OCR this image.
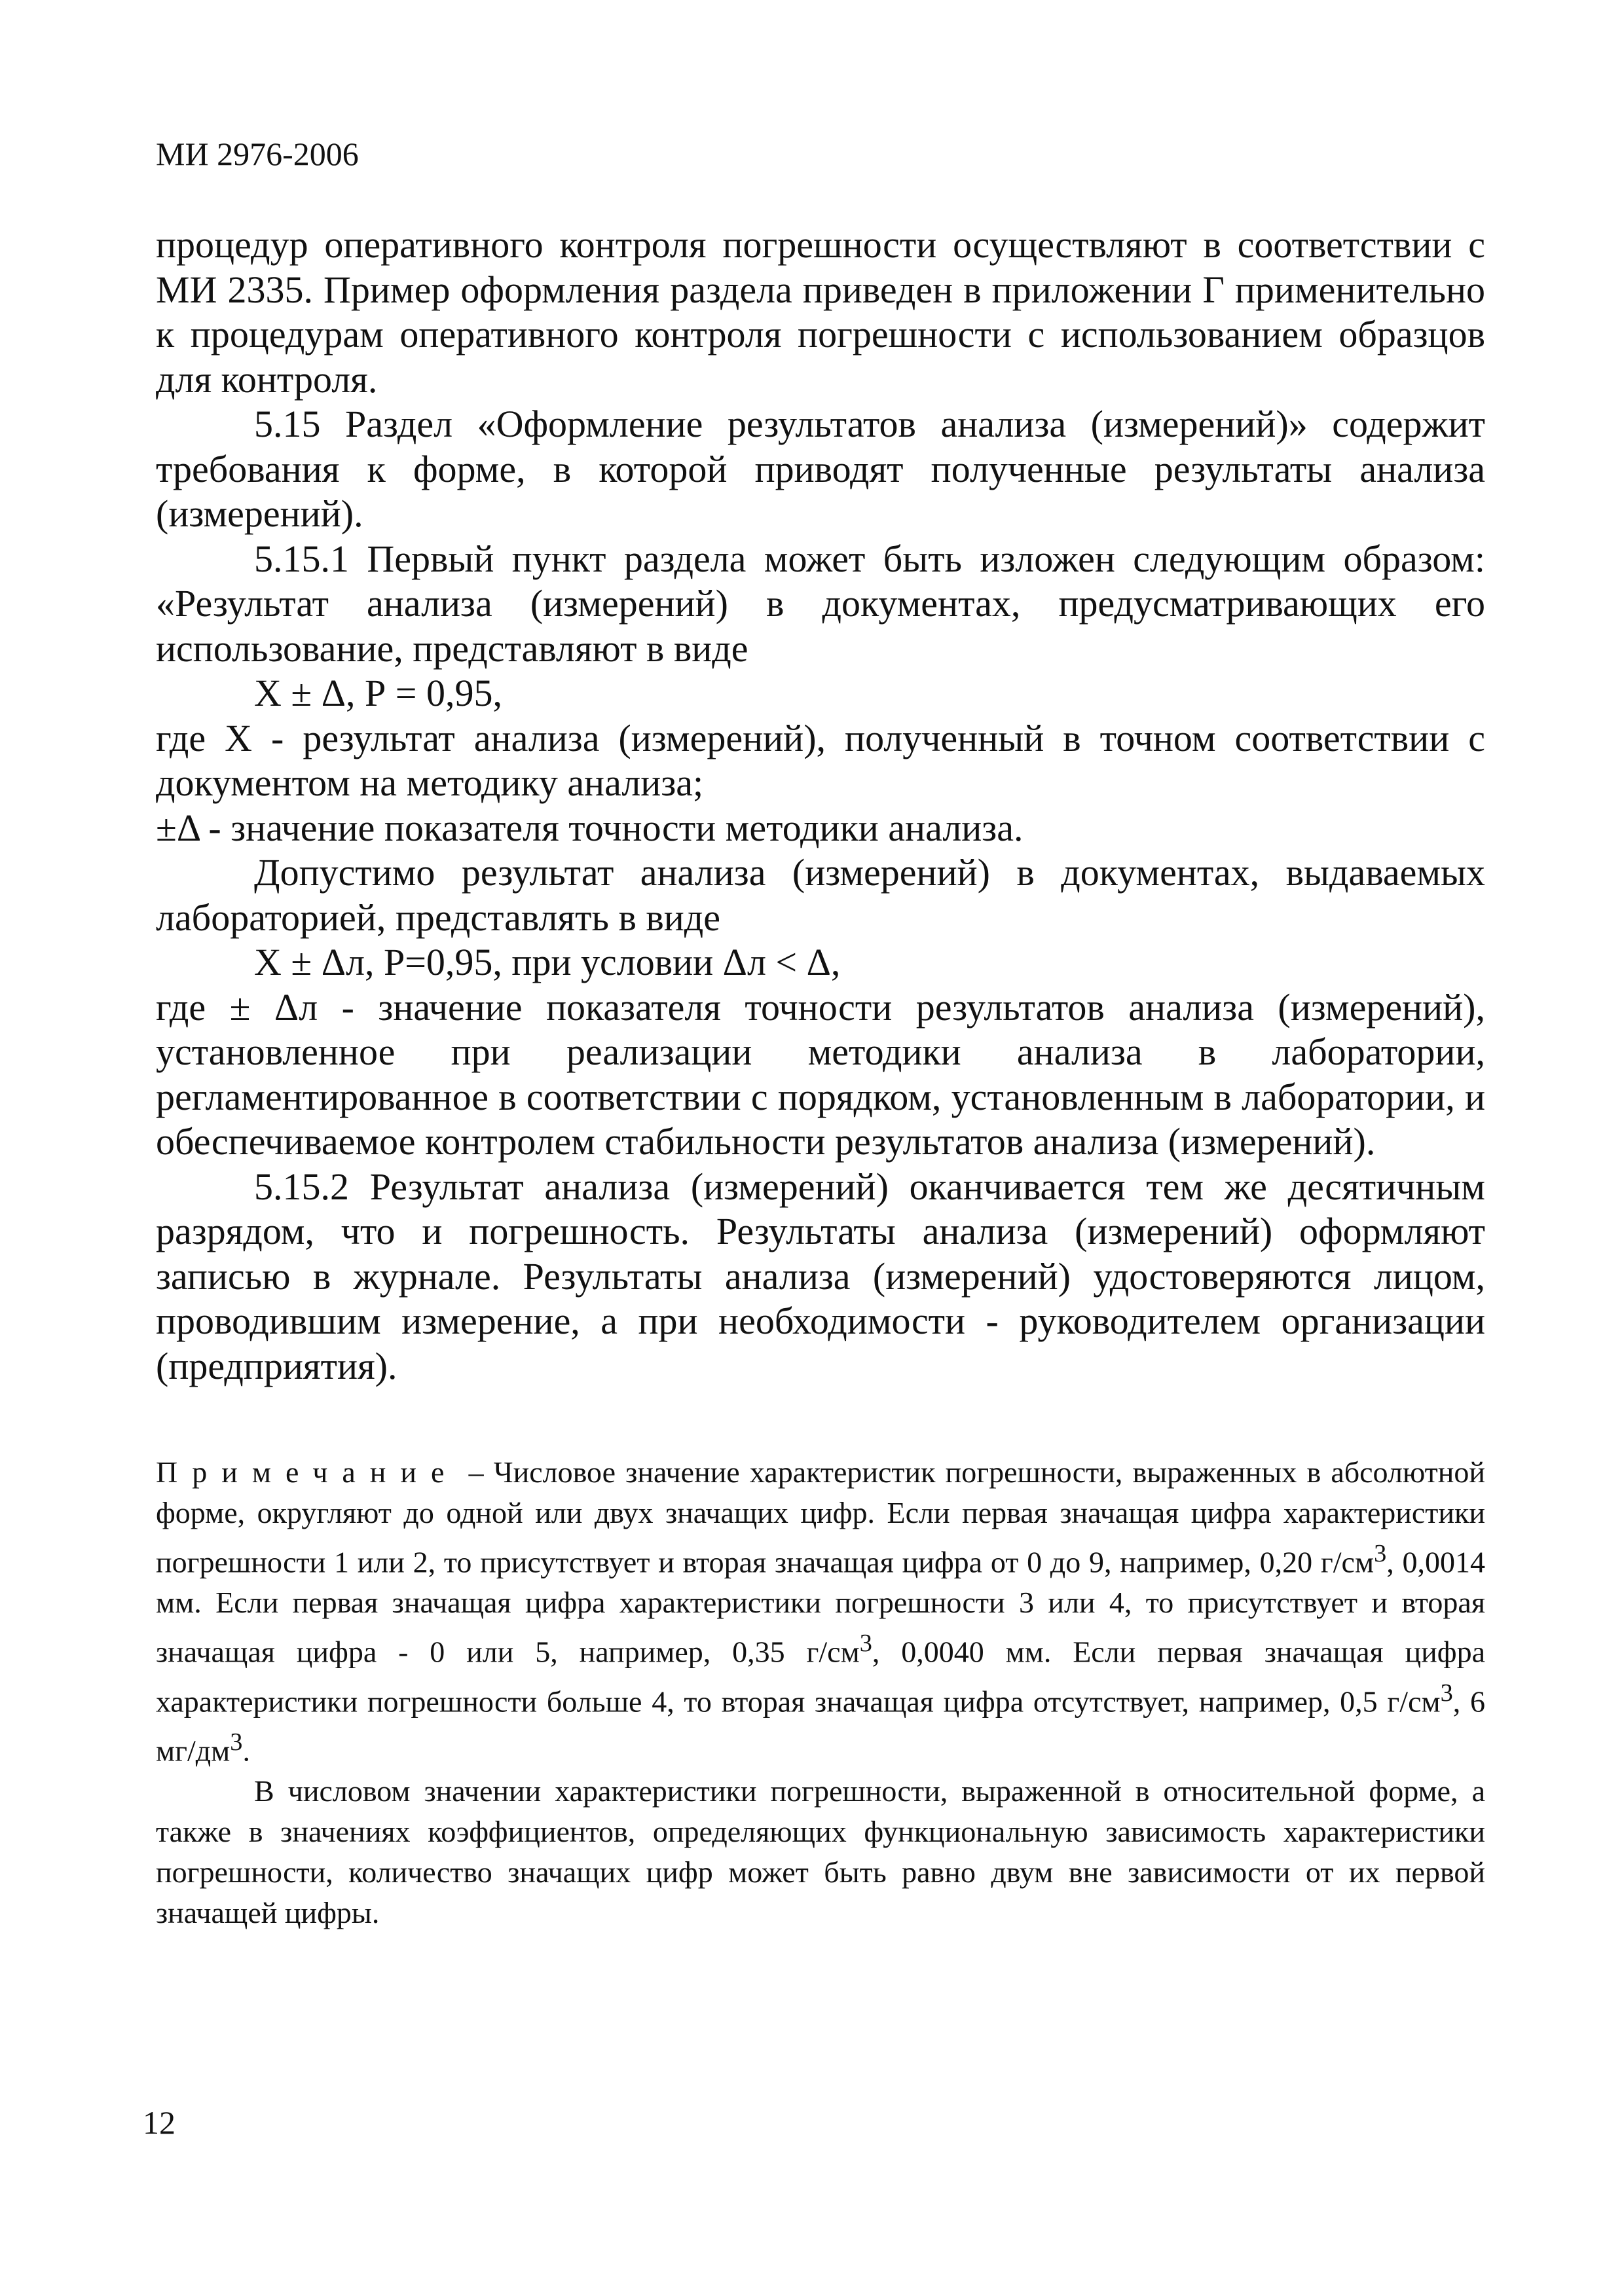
МИ 2976-2006

процедур оперативного контроля погрешности осуществляют в соответствии с МИ 2335. Пример оформления раздела приведен в приложении Г применительно к процедурам оперативного контроля погрешности с использованием образцов для контроля.

5.15 Раздел «Оформление результатов анализа (измерений)» содержит требования к форме, в которой приводят полученные результаты анализа (измерений).

5.15.1 Первый пункт раздела может быть изложен следующим образом: «Результат анализа (измерений) в документах, предусматривающих его использование, представляют в виде

Х ± Δ, Р = 0,95,

где Х - результат анализа (измерений), полученный в точном соответствии с документом на методику анализа;

±Δ - значение показателя точности методики анализа.

Допустимо результат анализа (измерений) в документах, выдаваемых лабораторией, представлять в виде

Х ± Δл, Р=0,95, при условии Δл < Δ,

где ± Δл - значение показателя точности результатов анализа (измерений), установленное при реализации методики анализа в лаборатории, регламентированное в соответствии с порядком, установленным в лаборатории, и обеспечиваемое контролем стабильности результатов анализа (измерений).

5.15.2 Результат анализа (измерений) оканчивается тем же десятичным разрядом, что и погрешность. Результаты анализа (измерений) оформляют записью в журнале. Результаты анализа (измерений) удостоверяются лицом, проводившим измерение, а при необходимости - руководителем организации (предприятия).

Примечание – Числовое значение характеристик погрешности, выраженных в абсолютной форме, округляют до одной или двух значащих цифр. Если первая значащая цифра характеристики погрешности 1 или 2, то присутствует и вторая значащая цифра от 0 до 9, например, 0,20 $г/см^3$, 0,0014 мм. Если первая значащая цифра характеристики погрешности 3 или 4, то присутствует и вторая значащая цифра - 0 или 5, например, 0,35 $г/см^3$, 0,0040 мм. Если первая значащая цифра характеристики погрешности больше 4, то вторая значащая цифра отсутствует, например, 0,5 $г/см^3$, 6 $мг/дм^3$.

В числовом значении характеристики погрешности, выраженной в относительной форме, а также в значениях коэффициентов, определяющих функциональную зависимость характеристики погрешности, количество значащих цифр может быть равно двум вне зависимости от их первой значащей цифры.

12
